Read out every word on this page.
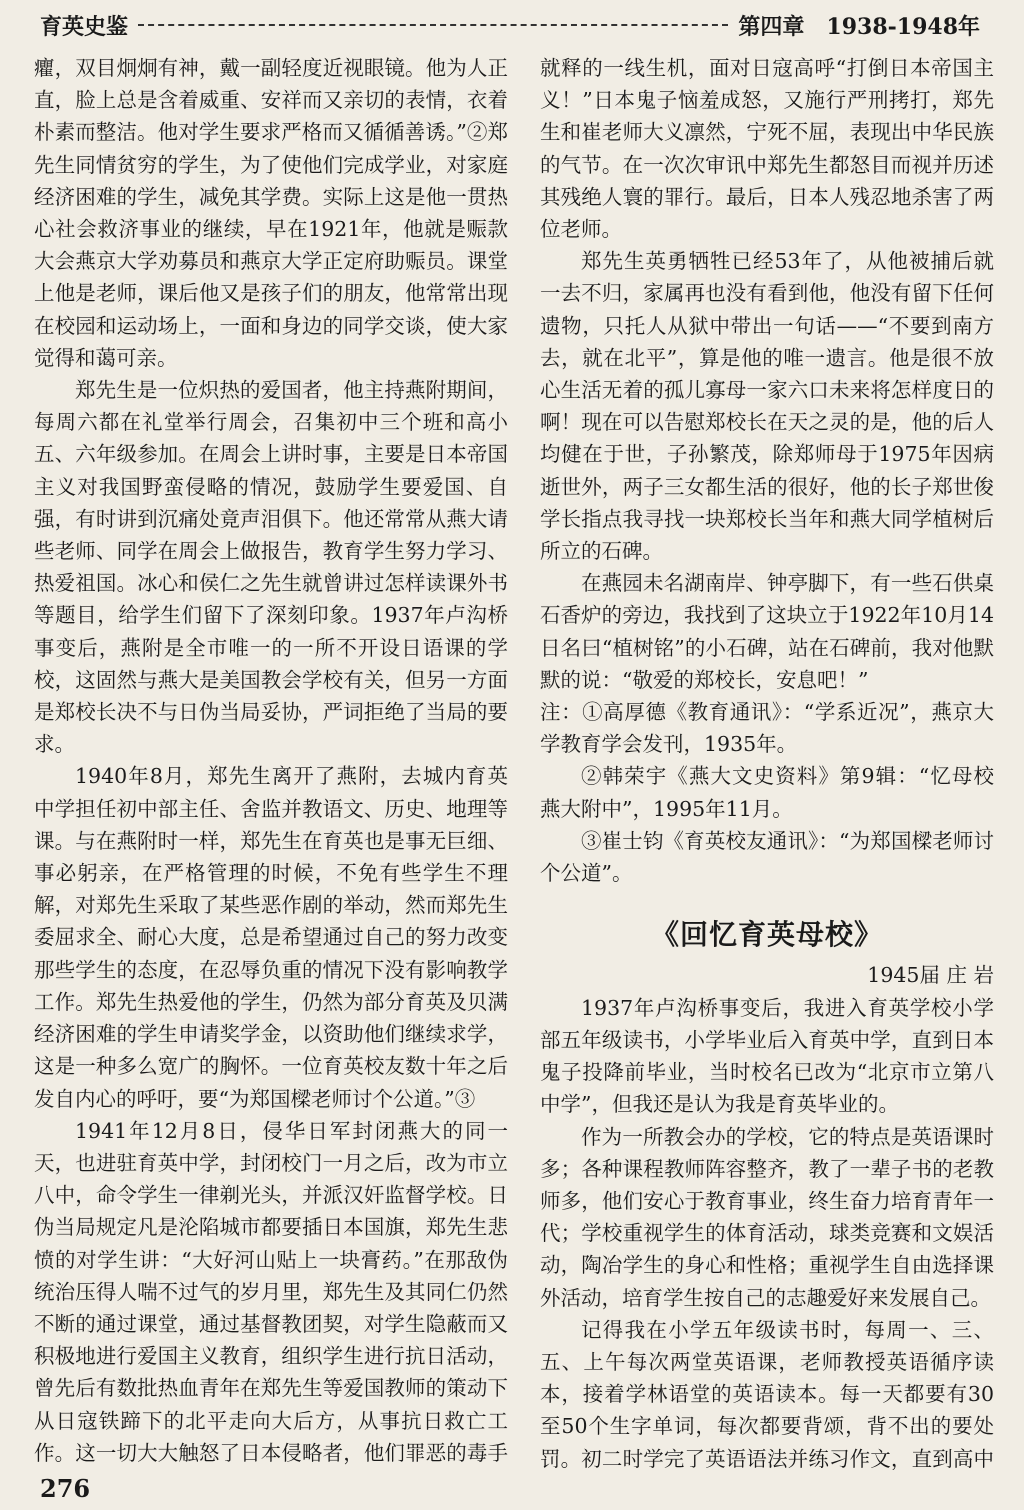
育英史鉴	第四章　1938-1948年

癯，双目炯炯有神，戴一副轻度近视眼镜。他为人正直，脸上总是含着威重、安祥而又亲切的表情，衣着朴素而整洁。他对学生要求严格而又循循善诱。”②郑先生同情贫穷的学生，为了使他们完成学业，对家庭经济困难的学生，减免其学费。实际上这是他一贯热心社会救济事业的继续，早在1921年，他就是赈款大会燕京大学劝募员和燕京大学正定府助赈员。课堂上他是老师，课后他又是孩子们的朋友，他常常出现在校园和运动场上，一面和身边的同学交谈，使大家觉得和蔼可亲。

郑先生是一位炽热的爱国者，他主持燕附期间，每周六都在礼堂举行周会，召集初中三个班和高小五、六年级参加。在周会上讲时事，主要是日本帝国主义对我国野蛮侵略的情况，鼓励学生要爱国、自强，有时讲到沉痛处竟声泪俱下。他还常常从燕大请些老师、同学在周会上做报告，教育学生努力学习、热爱祖国。冰心和侯仁之先生就曾讲过怎样读课外书等题目，给学生们留下了深刻印象。1937年卢沟桥事变后，燕附是全市唯一的一所不开设日语课的学校，这固然与燕大是美国教会学校有关，但另一方面是郑校长决不与日伪当局妥协，严词拒绝了当局的要求。

1940年8月，郑先生离开了燕附，去城内育英中学担任初中部主任、舍监并教语文、历史、地理等课。与在燕附时一样，郑先生在育英也是事无巨细、事必躬亲，在严格管理的时候，不免有些学生不理解，对郑先生采取了某些恶作剧的举动，然而郑先生委屈求全、耐心大度，总是希望通过自己的努力改变那些学生的态度，在忍辱负重的情况下没有影响教学工作。郑先生热爱他的学生，仍然为部分育英及贝满经济困难的学生申请奖学金，以资助他们继续求学，这是一种多么宽广的胸怀。一位育英校友数十年之后发自内心的呼吁，要“为郑国樑老师讨个公道。”③

1941年12月8日，侵华日军封闭燕大的同一天，也进驻育英中学，封闭校门一月之后，改为市立八中，命令学生一律剃光头，并派汉奸监督学校。日伪当局规定凡是沦陷城市都要插日本国旗，郑先生悲愤的对学生讲：“大好河山贴上一块膏药。”在那敌伪统治压得人喘不过气的岁月里，郑先生及其同仁仍然不断的通过课堂，通过基督教团契，对学生隐蔽而又积极地进行爱国主义教育，组织学生进行抗日活动，曾先后有数批热血青年在郑先生等爱国教师的策动下从日寇铁蹄下的北平走向大后方，从事抗日救亡工作。这一切大大触怒了日本侵略者，他们罪恶的毒手

就释的一线生机，面对日寇高呼“打倒日本帝国主义！”日本鬼子恼羞成怒，又施行严刑拷打，郑先生和崔老师大义凛然，宁死不屈，表现出中华民族的气节。在一次次审讯中郑先生都怒目而视并历述其残绝人寰的罪行。最后，日本人残忍地杀害了两位老师。

郑先生英勇牺牲已经53年了，从他被捕后就一去不归，家属再也没有看到他，他没有留下任何遗物，只托人从狱中带出一句话——“不要到南方去，就在北平”，算是他的唯一遗言。他是很不放心生活无着的孤儿寡母一家六口未来将怎样度日的啊！现在可以告慰郑校长在天之灵的是，他的后人均健在于世，子孙繁茂，除郑师母于1975年因病逝世外，两子三女都生活的很好，他的长子郑世俊学长指点我寻找一块郑校长当年和燕大同学植树后所立的石碑。

在燕园未名湖南岸、钟亭脚下，有一些石供桌石香炉的旁边，我找到了这块立于1922年10月14日名曰“植树铭”的小石碑，站在石碑前，我对他默默的说：“敬爱的郑校长，安息吧！”

注：①高厚德《教育通讯》：“学系近况”，燕京大学教育学会发刊，1935年。

②韩荣宇《燕大文史资料》第9辑：“忆母校燕大附中”，1995年11月。

③崔士钧《育英校友通讯》：“为郑国樑老师讨个公道”。

《回忆育英母校》

1945届 庄 岩

1937年卢沟桥事变后，我进入育英学校小学部五年级读书，小学毕业后入育英中学，直到日本鬼子投降前毕业，当时校名已改为“北京市立第八中学”，但我还是认为我是育英毕业的。

作为一所教会办的学校，它的特点是英语课时多；各种课程教师阵容整齐，教了一辈子书的老教师多，他们安心于教育事业，终生奋力培育青年一代；学校重视学生的体育活动，球类竞赛和文娱活动，陶冶学生的身心和性格；重视学生自由选择课外活动，培育学生按自己的志趣爱好来发展自己。

记得我在小学五年级读书时，每周一、三、五、上午每次两堂英语课，老师教授英语循序读本，接着学林语堂的英语读本。每一天都要有30至50个生字单词，每次都要背颂，背不出的要处罚。初二时学完了英语语法并练习作文，直到高中

276
